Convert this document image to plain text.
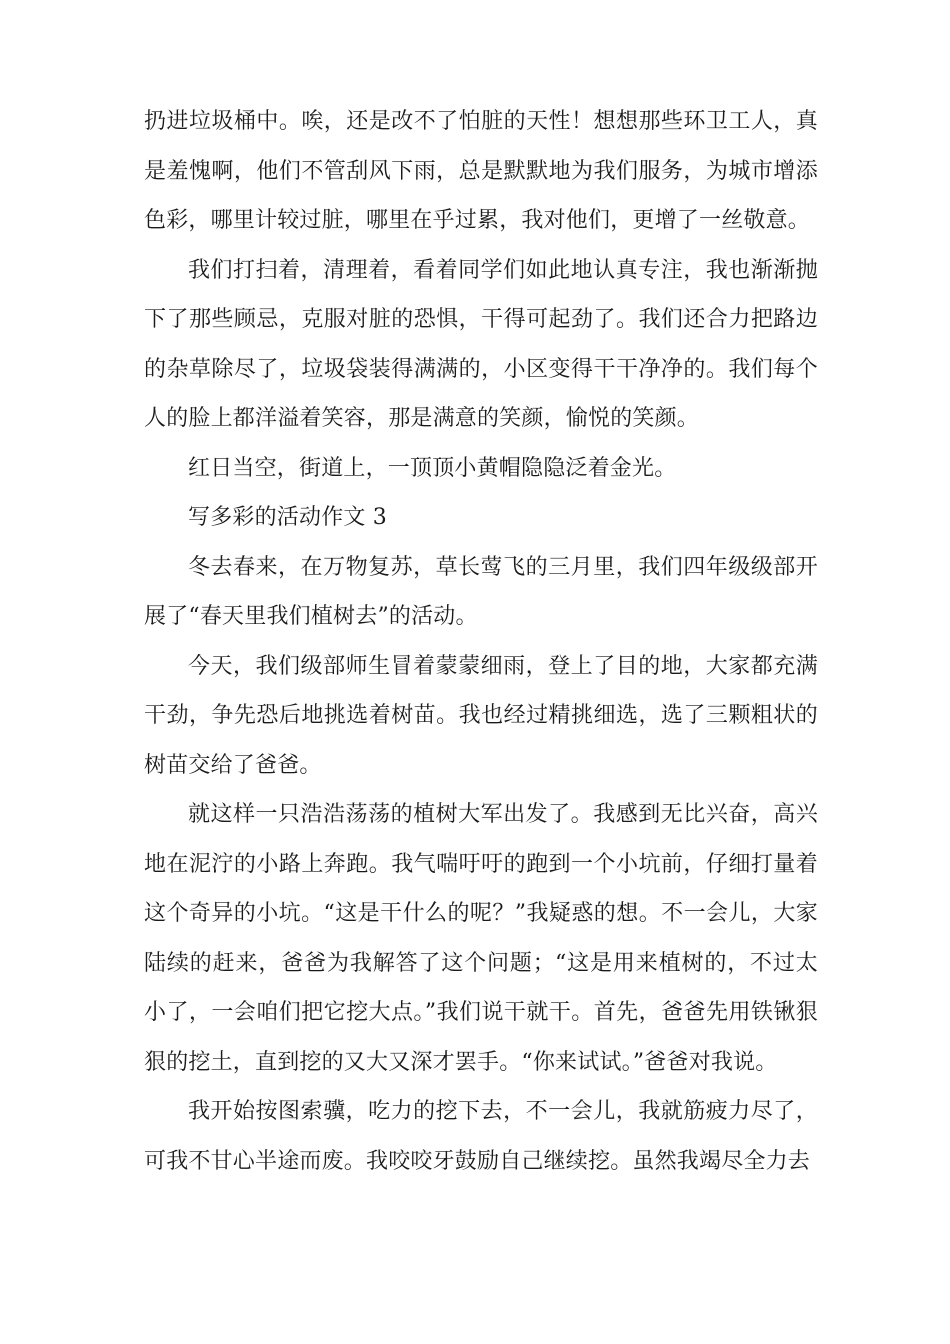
扔进垃圾桶中。唉，还是改不了怕脏的天性！想想那些环卫工人，真是羞愧啊，他们不管刮风下雨，总是默默地为我们服务，为城市增添色彩，哪里计较过脏，哪里在乎过累，我对他们，更增了一丝敬意。

我们打扫着，清理着，看着同学们如此地认真专注，我也渐渐抛下了那些顾忌，克服对脏的恐惧，干得可起劲了。我们还合力把路边的杂草除尽了，垃圾袋装得满满的，小区变得干干净净的。我们每个人的脸上都洋溢着笑容，那是满意的笑颜，愉悦的笑颜。

红日当空，街道上，一顶顶小黄帽隐隐泛着金光。

写多彩的活动作文 3

冬去春来，在万物复苏，草长莺飞的三月里，我们四年级级部开展了“春天里我们植树去”的活动。

今天，我们级部师生冒着蒙蒙细雨，登上了目的地，大家都充满干劲，争先恐后地挑选着树苗。我也经过精挑细选，选了三颗粗状的树苗交给了爸爸。

就这样一只浩浩荡荡的植树大军出发了。我感到无比兴奋，高兴地在泥泞的小路上奔跑。我气喘吁吁的跑到一个小坑前，仔细打量着这个奇异的小坑。“这是干什么的呢？”我疑惑的想。不一会儿，大家陆续的赶来，爸爸为我解答了这个问题；“这是用来植树的，不过太小了，一会咱们把它挖大点。”我们说干就干。首先，爸爸先用铁锹狠狠的挖土，直到挖的又大又深才罢手。“你来试试。”爸爸对我说。

我开始按图索骥，吃力的挖下去，不一会儿，我就筋疲力尽了，可我不甘心半途而废。我咬咬牙鼓励自己继续挖。虽然我竭尽全力去
